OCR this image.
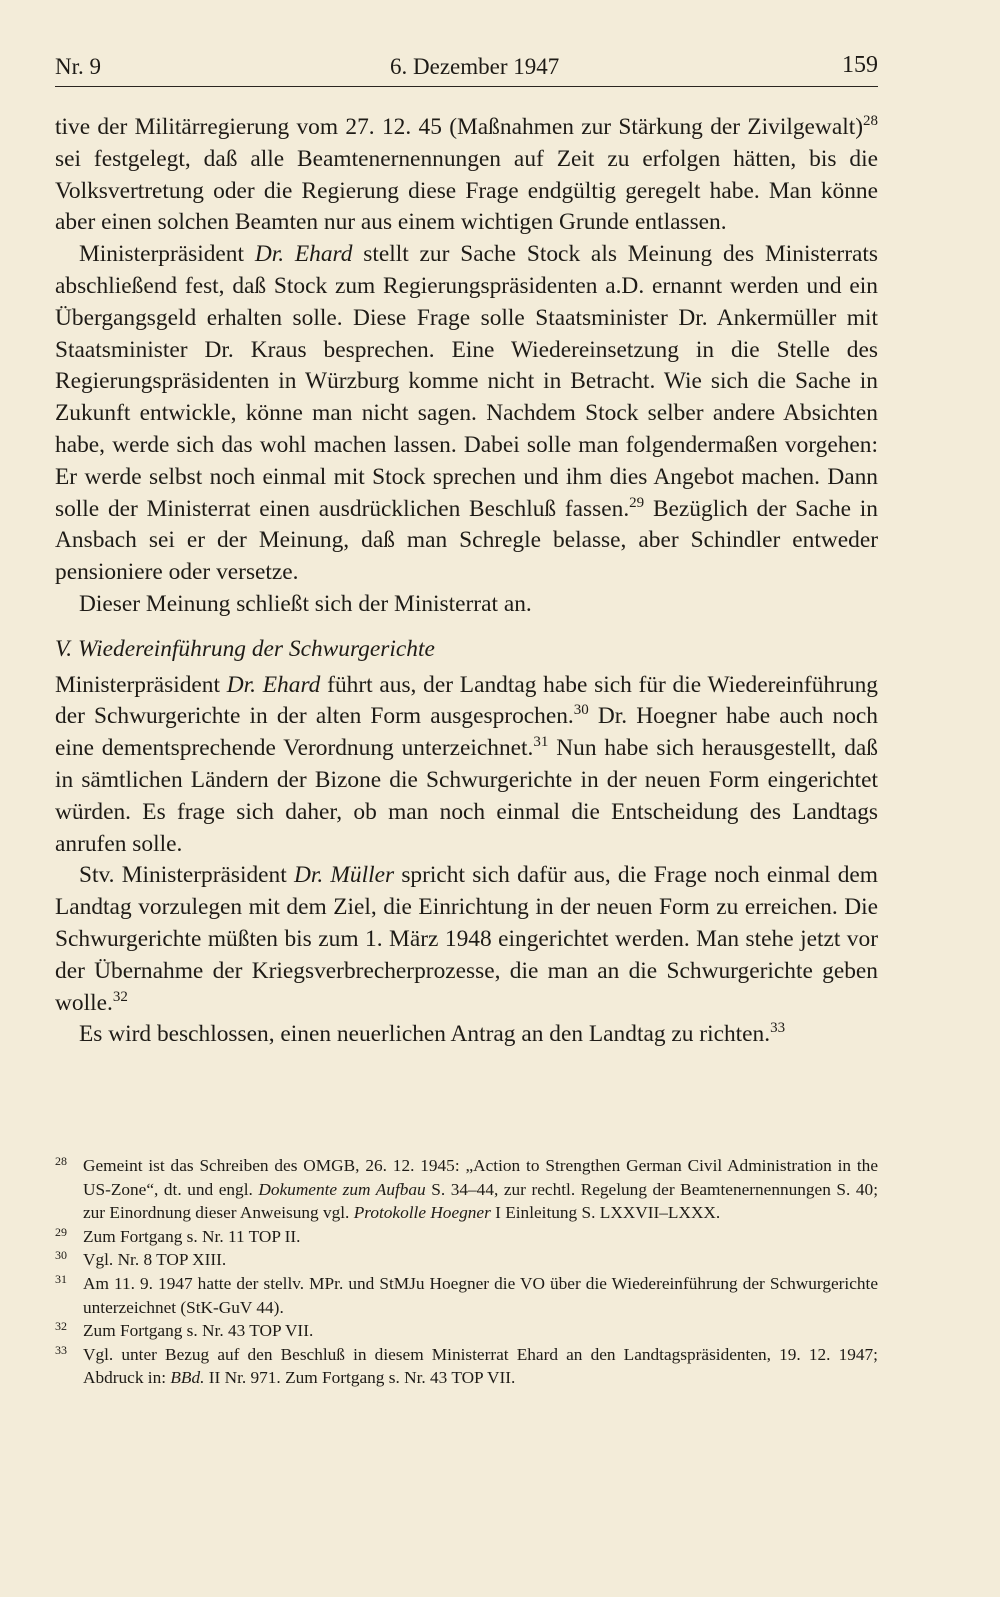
Nr. 9	6. Dezember 1947	159

tive der Militärregierung vom 27. 12. 45 (Maßnahmen zur Stärkung der Zivilgewalt)$^{28}$ sei festgelegt, daß alle Beamtenernennungen auf Zeit zu erfolgen hätten, bis die Volksvertretung oder die Regierung diese Frage endgültig geregelt habe. Man könne aber einen solchen Beamten nur aus einem wichtigen Grunde entlassen.

Ministerpräsident Dr. Ehard stellt zur Sache Stock als Meinung des Ministerrats abschließend fest, daß Stock zum Regierungspräsidenten a.D. ernannt werden und ein Übergangsgeld erhalten solle. Diese Frage solle Staatsminister Dr. Ankermüller mit Staatsminister Dr. Kraus besprechen. Eine Wiedereinsetzung in die Stelle des Regierungspräsidenten in Würzburg komme nicht in Betracht. Wie sich die Sache in Zukunft entwickle, könne man nicht sagen. Nachdem Stock selber andere Absichten habe, werde sich das wohl machen lassen. Dabei solle man folgendermaßen vorgehen: Er werde selbst noch einmal mit Stock sprechen und ihm dies Angebot machen. Dann solle der Ministerrat einen ausdrücklichen Beschluß fassen.$^{29}$ Bezüglich der Sache in Ansbach sei er der Meinung, daß man Schregle belasse, aber Schindler entweder pensioniere oder versetze.

Dieser Meinung schließt sich der Ministerrat an.

V. Wiedereinführung der Schwurgerichte

Ministerpräsident Dr. Ehard führt aus, der Landtag habe sich für die Wiedereinführung der Schwurgerichte in der alten Form ausgesprochen.$^{30}$ Dr. Hoegner habe auch noch eine dementsprechende Verordnung unterzeichnet.$^{31}$ Nun habe sich herausgestellt, daß in sämtlichen Ländern der Bizone die Schwurgerichte in der neuen Form eingerichtet würden. Es frage sich daher, ob man noch einmal die Entscheidung des Landtags anrufen solle.

Stv. Ministerpräsident Dr. Müller spricht sich dafür aus, die Frage noch einmal dem Landtag vorzulegen mit dem Ziel, die Einrichtung in der neuen Form zu erreichen. Die Schwurgerichte müßten bis zum 1. März 1948 eingerichtet werden. Man stehe jetzt vor der Übernahme der Kriegsverbrecherprozesse, die man an die Schwurgerichte geben wolle.$^{32}$

Es wird beschlossen, einen neuerlichen Antrag an den Landtag zu richten.$^{33}$

28 Gemeint ist das Schreiben des OMGB, 26. 12. 1945: „Action to Strengthen German Civil Administration in the US-Zone“, dt. und engl. Dokumente zum Aufbau S. 34–44, zur rechtl. Regelung der Beamtenernennungen S. 40; zur Einordnung dieser Anweisung vgl. Protokolle Hoegner I Einleitung S. LXXVII–LXXX.

29 Zum Fortgang s. Nr. 11 TOP II.

30 Vgl. Nr. 8 TOP XIII.

31 Am 11. 9. 1947 hatte der stellv. MPr. und StMJu Hoegner die VO über die Wiedereinführung der Schwurgerichte unterzeichnet (StK-GuV 44).

32 Zum Fortgang s. Nr. 43 TOP VII.

33 Vgl. unter Bezug auf den Beschluß in diesem Ministerrat Ehard an den Landtagspräsidenten, 19. 12. 1947; Abdruck in: BBd. II Nr. 971. Zum Fortgang s. Nr. 43 TOP VII.
